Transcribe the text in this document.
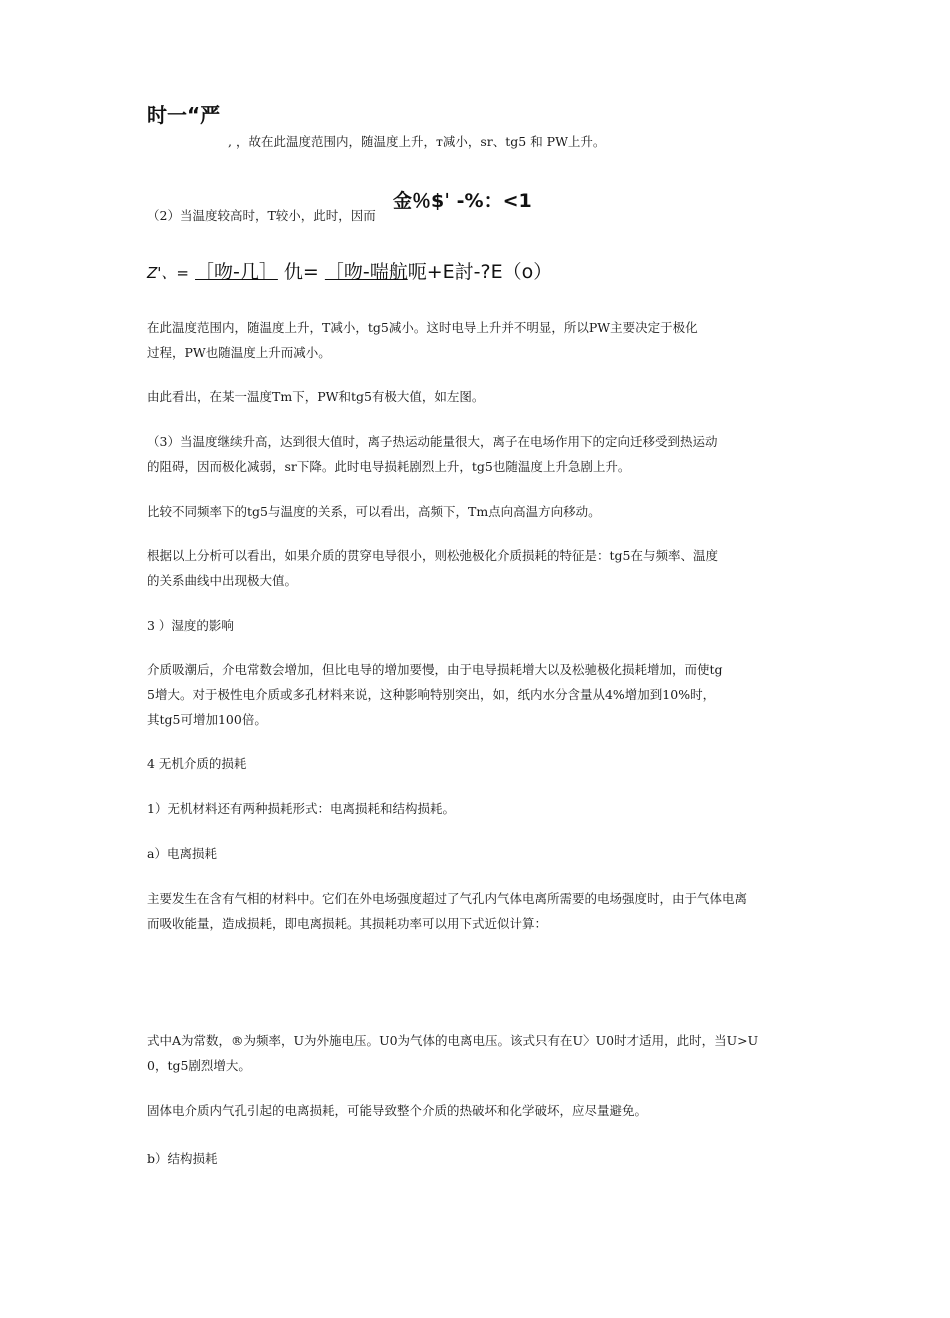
时一“严
, ，故在此温度范围内，随温度上升，т减小，sr、tg5 和 PW上升。
金％$ˈ -%：<1
（2）当温度较高时，T较小，此时，因而
Z'、= ［吻-几］ 仇= ［吻-喘航呃+E討-?E（o）
在此温度范围内，随温度上升，T减小，tg5减小。这时电导上升并不明显，所以PW主要决定于极化
过程，PW也随温度上升而减小。
由此看出，在某一温度Tm下，PW和tg5有极大值，如左图。
（3）当温度继续升高，达到很大值时，离子热运动能量很大，离子在电场作用下的定向迁移受到热运动
的阻碍，因而极化减弱，sr下降。此时电导损耗剧烈上升，tg5也随温度上升急剧上升。
比较不同频率下的tg5与温度的关系，可以看出，高频下，Tm点向高温方向移动。
根据以上分析可以看出，如果介质的贯穿电导很小，则松弛极化介质损耗的特征是：tg5在与频率、温度
的关系曲线中出现极大值。
3 ）湿度的影响
介质吸潮后，介电常数会增加，但比电导的增加要慢，由于电导损耗增大以及松驰极化损耗增加，而使tg
5增大。对于极性电介质或多孔材料来说，这种影响特别突出，如，纸内水分含量从4%增加到10%时，
其tg5可增加100倍。
4 无机介质的损耗
1）无机材料还有两种损耗形式：电离损耗和结构损耗。
a）电离损耗
主要发生在含有气相的材料中。它们在外电场强度超过了气孔内气体电离所需要的电场强度时，由于气体电离
而吸收能量，造成损耗，即电离损耗。其损耗功率可以用下式近似计算：
式中A为常数，®为频率，U为外施电压。U0为气体的电离电压。该式只有在U〉U0时才适用，此时，当U>U
0，tg5剧烈增大。
固体电介质内气孔引起的电离损耗，可能导致整个介质的热破坏和化学破坏，应尽量避免。
b）结构损耗
